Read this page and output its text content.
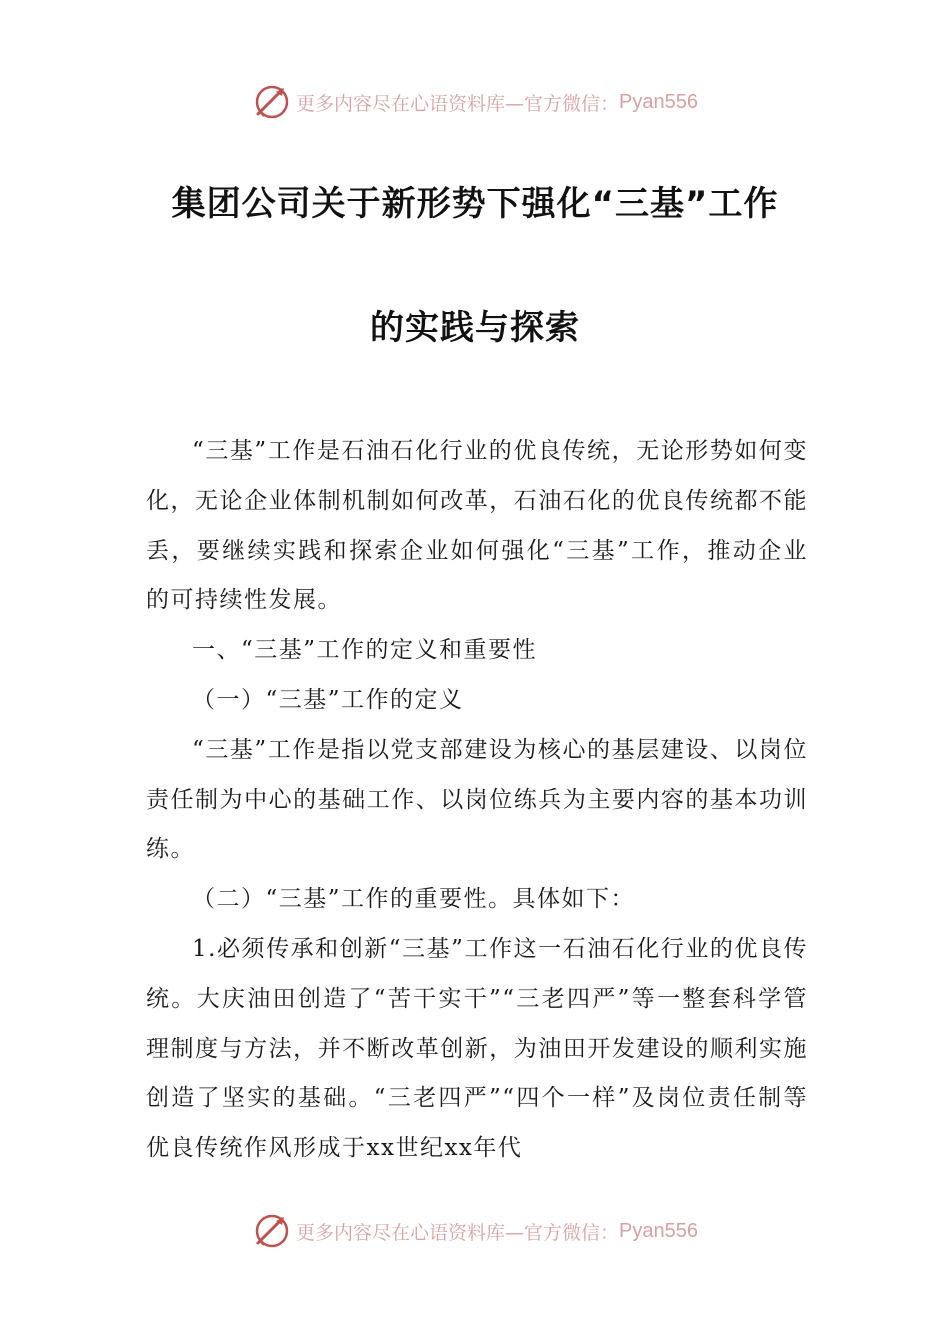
更多内容尽在心语资料库—官方微信： Pyan556
集团公司关于新形势下强化“三基”工作
的实践与探索

“三基”工作是石油石化行业的优良传统，无论形势如何变化，无论企业体制机制如何改革，石油石化的优良传统都不能丢，要继续实践和探索企业如何强化“三基”工作，推动企业的可持续性发展。

一、“三基”工作的定义和重要性

（一）“三基”工作的定义

“三基”工作是指以党支部建设为核心的基层建设、以岗位责任制为中心的基础工作、以岗位练兵为主要内容的基本功训练。

（二）“三基”工作的重要性。具体如下：

1.必须传承和创新“三基”工作这一石油石化行业的优良传统。大庆油田创造了“苦干实干”“三老四严”等一整套科学管理制度与方法，并不断改革创新，为油田开发建设的顺利实施创造了坚实的基础。“三老四严”“四个一样”及岗位责任制等优良传统作风形成于xx世纪xx年代

更多内容尽在心语资料库—官方微信： Pyan556
